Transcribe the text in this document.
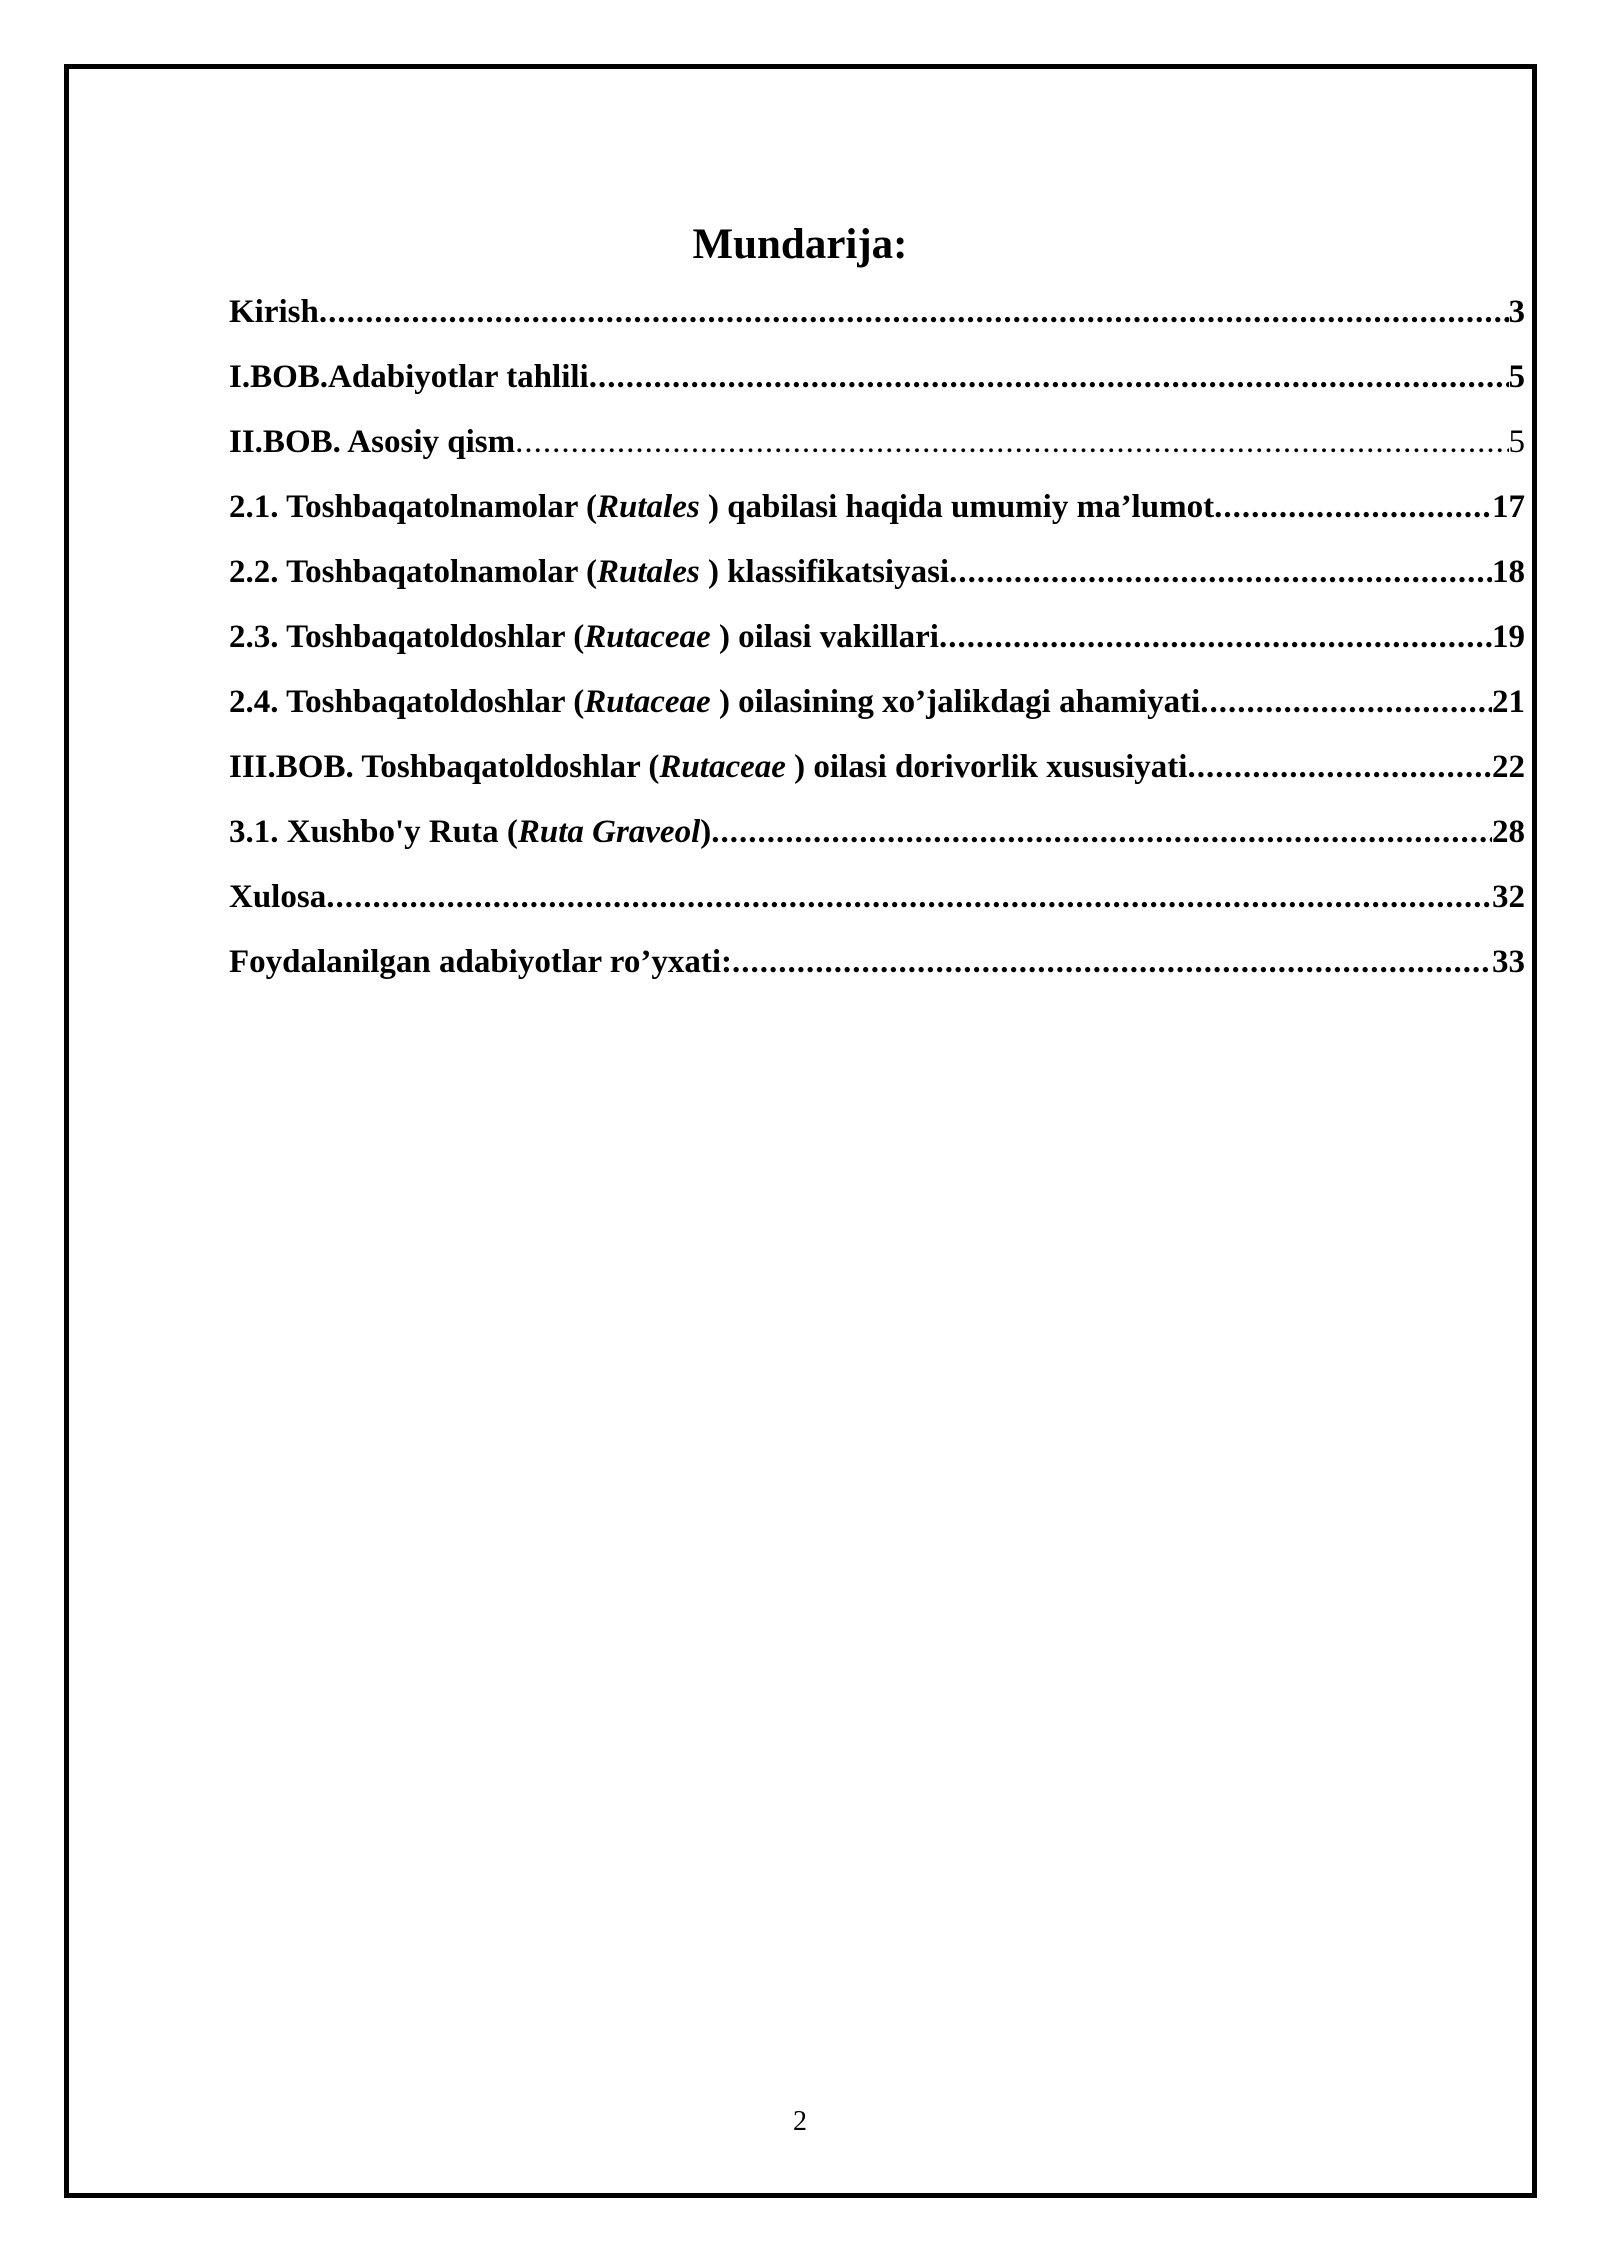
Mundarija:
Kirish .....	3
I.BOB.Adabiyotlar tahlili .....	5
II.BOB. Asosiy qism .....	5
2.1. Toshbaqatolnamolar (Rutales ) qabilasi haqida umumiy ma’lumot .....	17
2.2. Toshbaqatolnamolar (Rutales ) klassifikatsiyasi .....	18
2.3. Toshbaqatoldoshlar (Rutaceae ) oilasi vakillari .....	19
2.4. Toshbaqatoldoshlar (Rutaceae ) oilasining xo’jalikdagi ahamiyati .....	21
III.BOB. Toshbaqatoldoshlar (Rutaceae ) oilasi dorivorlik xususiyati .....	22
3.1. Xushbo'y Ruta (Ruta Graveol) .....	28
Xulosa .....	32
Foydalanilgan adabiyotlar ro’yxati: .....	33
2
